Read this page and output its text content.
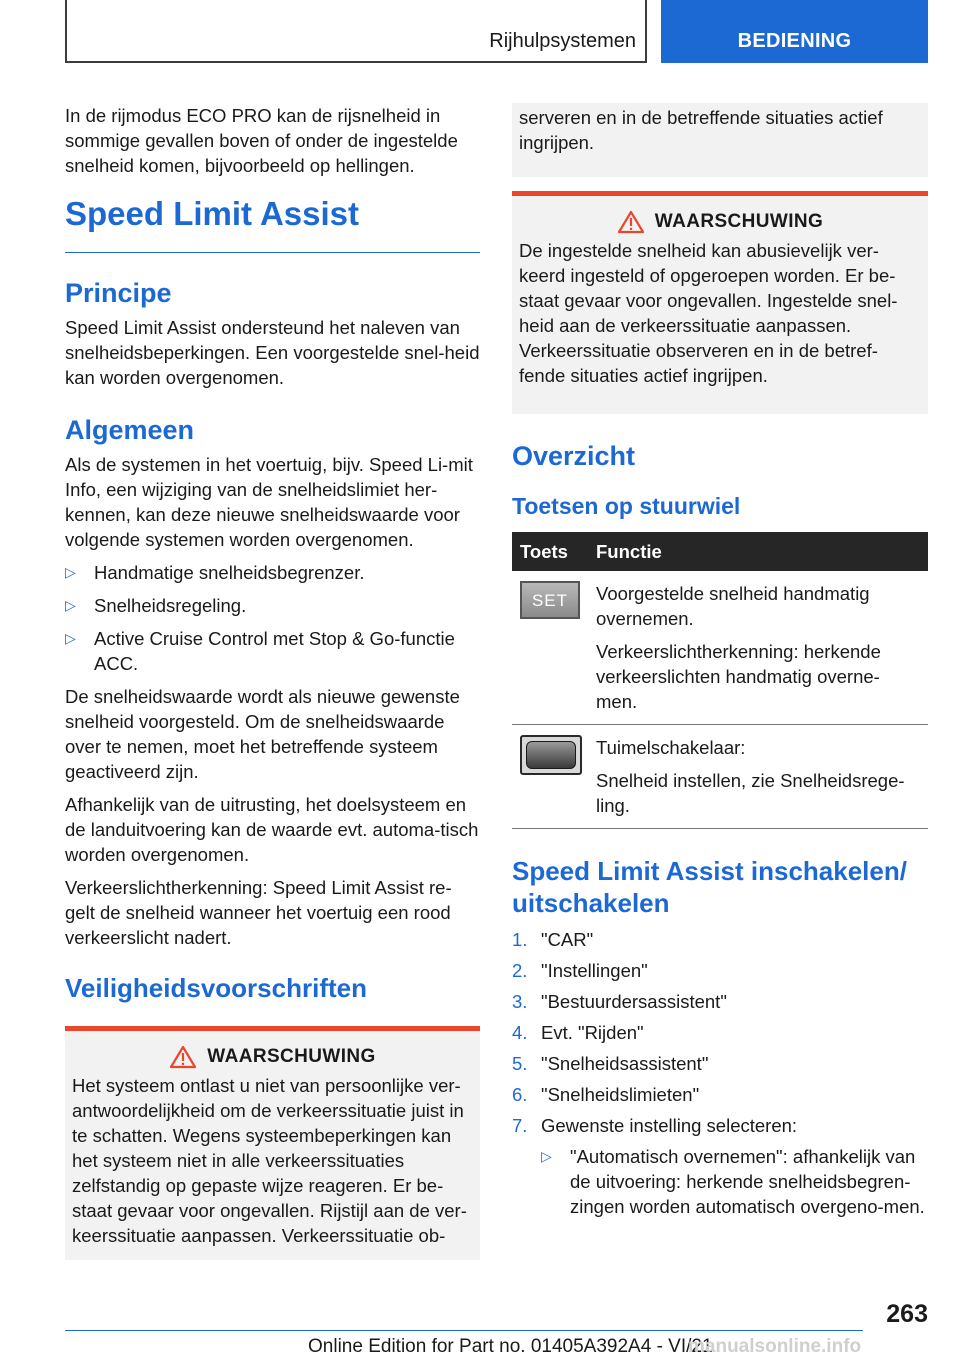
Rijhulpsystemen	BEDIENING

In de rijmodus ECO PRO kan de rijsnelheid in sommige gevallen boven of onder de ingestelde snelheid komen, bijvoorbeeld op hellingen.

Speed Limit Assist
Principe

Speed Limit Assist ondersteund het naleven van snelheidsbeperkingen. Een voorgestelde snel-heid kan worden overgenomen.

Algemeen

Als de systemen in het voertuig, bijv. Speed Li-mit Info, een wijziging van de snelheidslimiet her-kennen, kan deze nieuwe snelheidswaarde voor volgende systemen worden overgenomen.

▷ Handmatige snelheidsbegrenzer.
▷ Snelheidsregeling.
▷ Active Cruise Control met Stop & Go-functie ACC.

De snelheidswaarde wordt als nieuwe gewenste snelheid voorgesteld. Om de snelheidswaarde over te nemen, moet het betreffende systeem geactiveerd zijn.

Afhankelijk van de uitrusting, het doelsysteem en de landuitvoering kan de waarde evt. automa-tisch worden overgenomen.

Verkeerslichtherkenning: Speed Limit Assist re-gelt de snelheid wanneer het voertuig een rood verkeerslicht nadert.

Veiligheidsvoorschriften
WAARSCHUWING

Het systeem ontlast u niet van persoonlijke ver-antwoordelijkheid om de verkeerssituatie juist in te schatten. Wegens systeembeperkingen kan het systeem niet in alle verkeerssituaties zelfstandig op gepaste wijze reageren. Er be-staat gevaar voor ongevallen. Rijstijl aan de ver-keerssituatie aanpassen. Verkeerssituatie ob-

serveren en in de betreffende situaties actief ingrijpen.

WAARSCHUWING

De ingestelde snelheid kan abusievelijk ver-keerd ingesteld of opgeroepen worden. Er be-staat gevaar voor ongevallen. Ingestelde snel-heid aan de verkeerssituatie aanpassen. Verkeerssituatie observeren en in de betref-fende situaties actief ingrijpen.

Overzicht
Toetsen op stuurwiel
Toets	Functie

SET	Voorgestelde snelheid handmatig overnemen.

Verkeerslichtherkenning: herkende verkeerslichten handmatig overne-men.

	Tuimelschakelaar:

Snelheid instellen, zie Snelheidsrege-ling.

Speed Limit Assist inschakelen/ uitschakelen
1. "CAR"
2. "Instellingen"
3. "Bestuurdersassistent"
4. Evt. "Rijden"
5. "Snelheidsassistent"
6. "Snelheidslimieten"
7. Gewenste instelling selecteren:
▷ "Automatisch overnemen": afhankelijk van de uitvoering: herkende snelheidsbegren-zingen worden automatisch overgeno-men.
263
Online Edition for Part no. 01405A392A4 - VI/21
manualsonline.info
